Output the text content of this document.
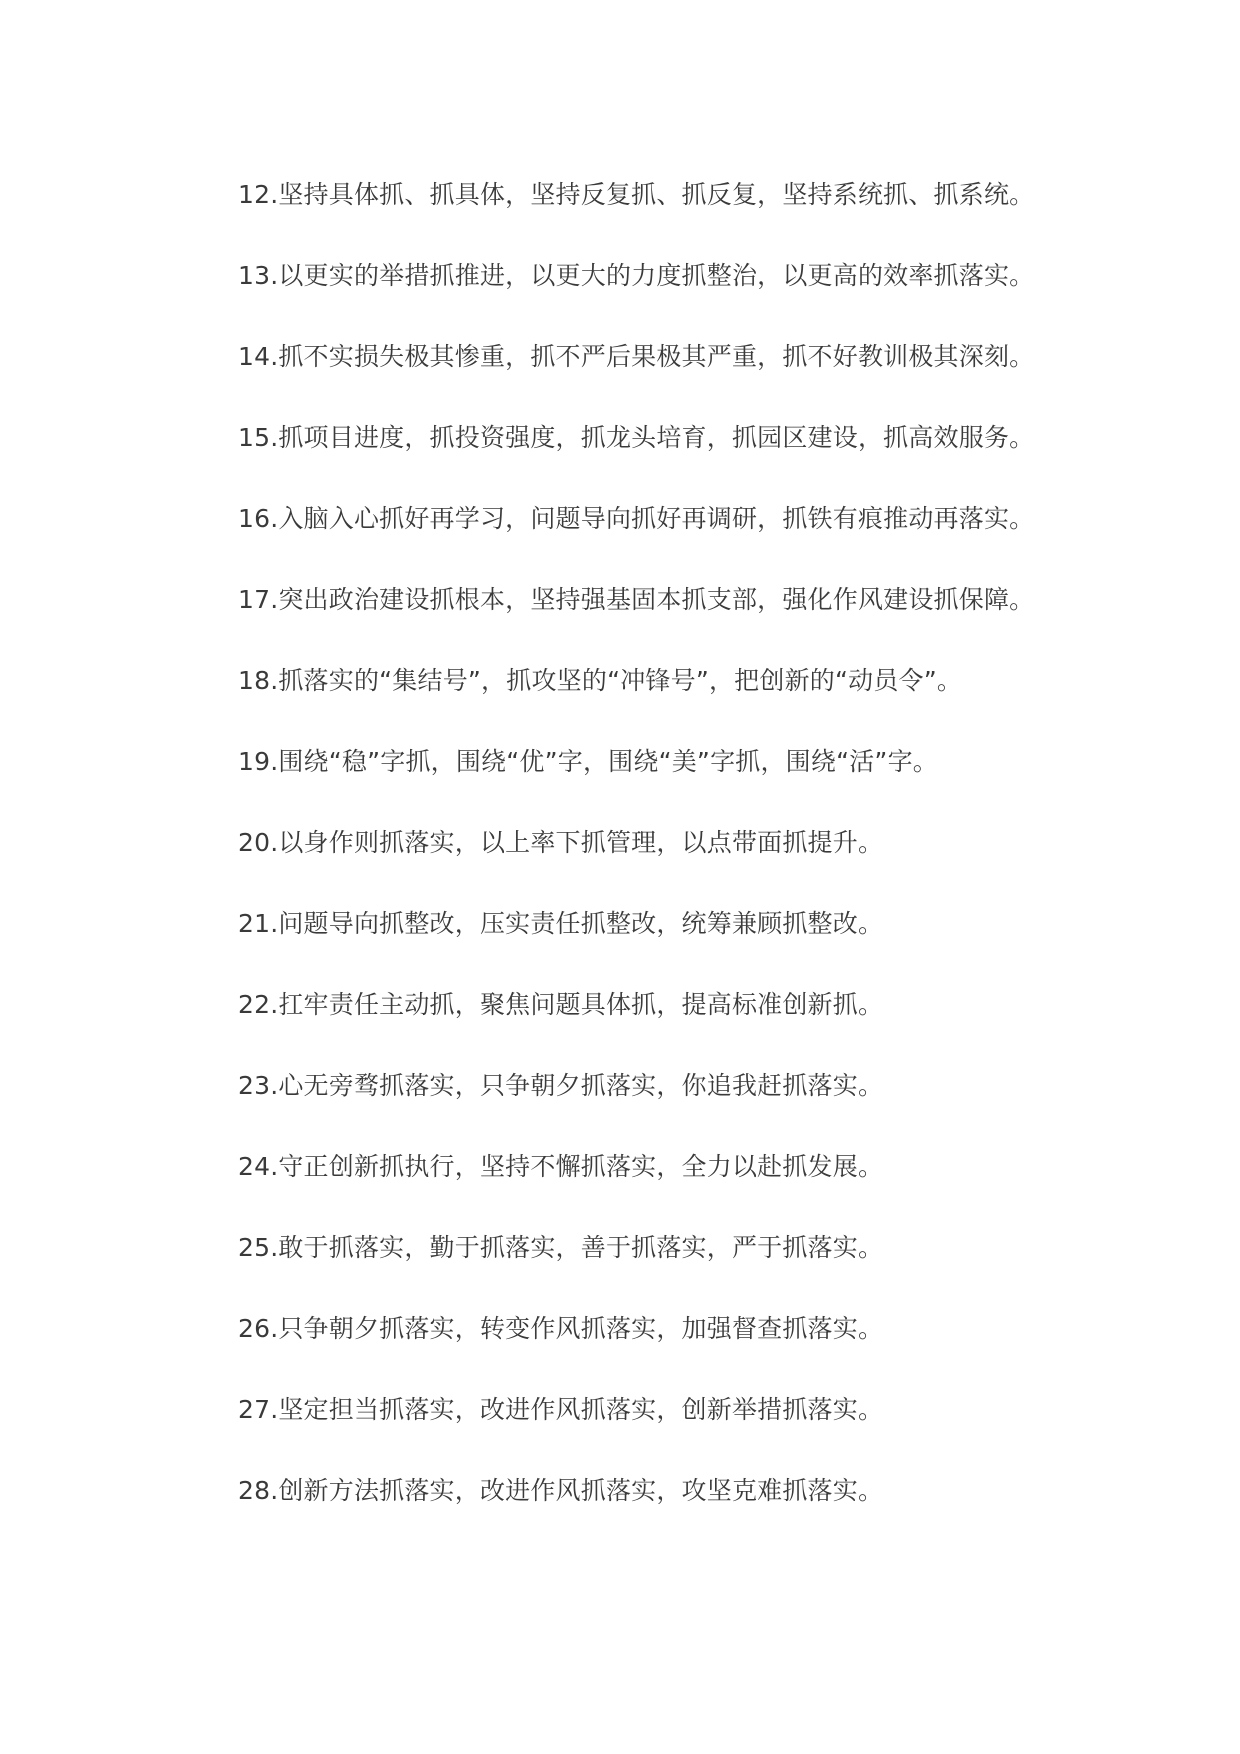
12.坚持具体抓、抓具体，坚持反复抓、抓反复，坚持系统抓、抓系统。
13.以更实的举措抓推进，以更大的力度抓整治，以更高的效率抓落实。
14.抓不实损失极其惨重，抓不严后果极其严重，抓不好教训极其深刻。
15.抓项目进度，抓投资强度，抓龙头培育，抓园区建设，抓高效服务。
16.入脑入心抓好再学习，问题导向抓好再调研，抓铁有痕推动再落实。
17.突出政治建设抓根本，坚持强基固本抓支部，强化作风建设抓保障。
18.抓落实的“集结号”，抓攻坚的“冲锋号”，把创新的“动员令”。
19.围绕“稳”字抓，围绕“优”字，围绕“美”字抓，围绕“活”字。
20.以身作则抓落实，以上率下抓管理，以点带面抓提升。
21.问题导向抓整改，压实责任抓整改，统筹兼顾抓整改。
22.扛牢责任主动抓，聚焦问题具体抓，提高标准创新抓。
23.心无旁骛抓落实，只争朝夕抓落实，你追我赶抓落实。
24.守正创新抓执行，坚持不懈抓落实，全力以赴抓发展。
25.敢于抓落实，勤于抓落实，善于抓落实，严于抓落实。
26.只争朝夕抓落实，转变作风抓落实，加强督查抓落实。
27.坚定担当抓落实，改进作风抓落实，创新举措抓落实。
28.创新方法抓落实，改进作风抓落实，攻坚克难抓落实。
